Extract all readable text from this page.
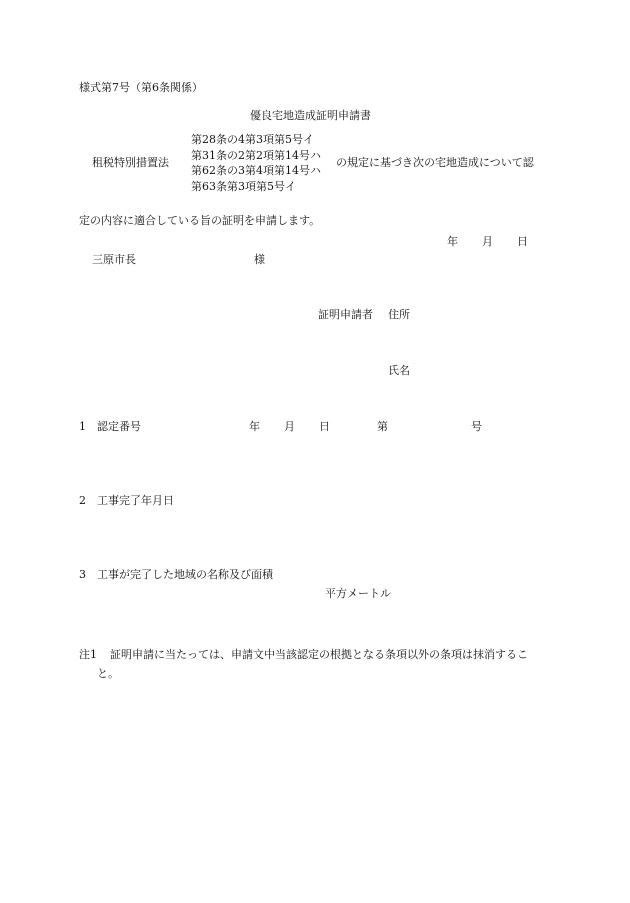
様式第7号（第6条関係）
優良宅地造成証明申請書
租税特別措置法
第28条の4第3項第5号イ
第31条の2第2項第14号ハ
第62条の3第4項第14号ハ
第63条第3項第5号イ
の規定に基づき次の宅地造成について認
定の内容に適合している旨の証明を申請します。
年 月 日
三原市長	様
証明申請者 住所
氏名
1 認定番号	年 月 日	第	号
2 工事完了年月日
3 工事が完了した地域の名称及び面積
平方メートル
注1 証明申請に当たっては、申請文中当該認定の根拠となる条項以外の条項は抹消するこ
と。
